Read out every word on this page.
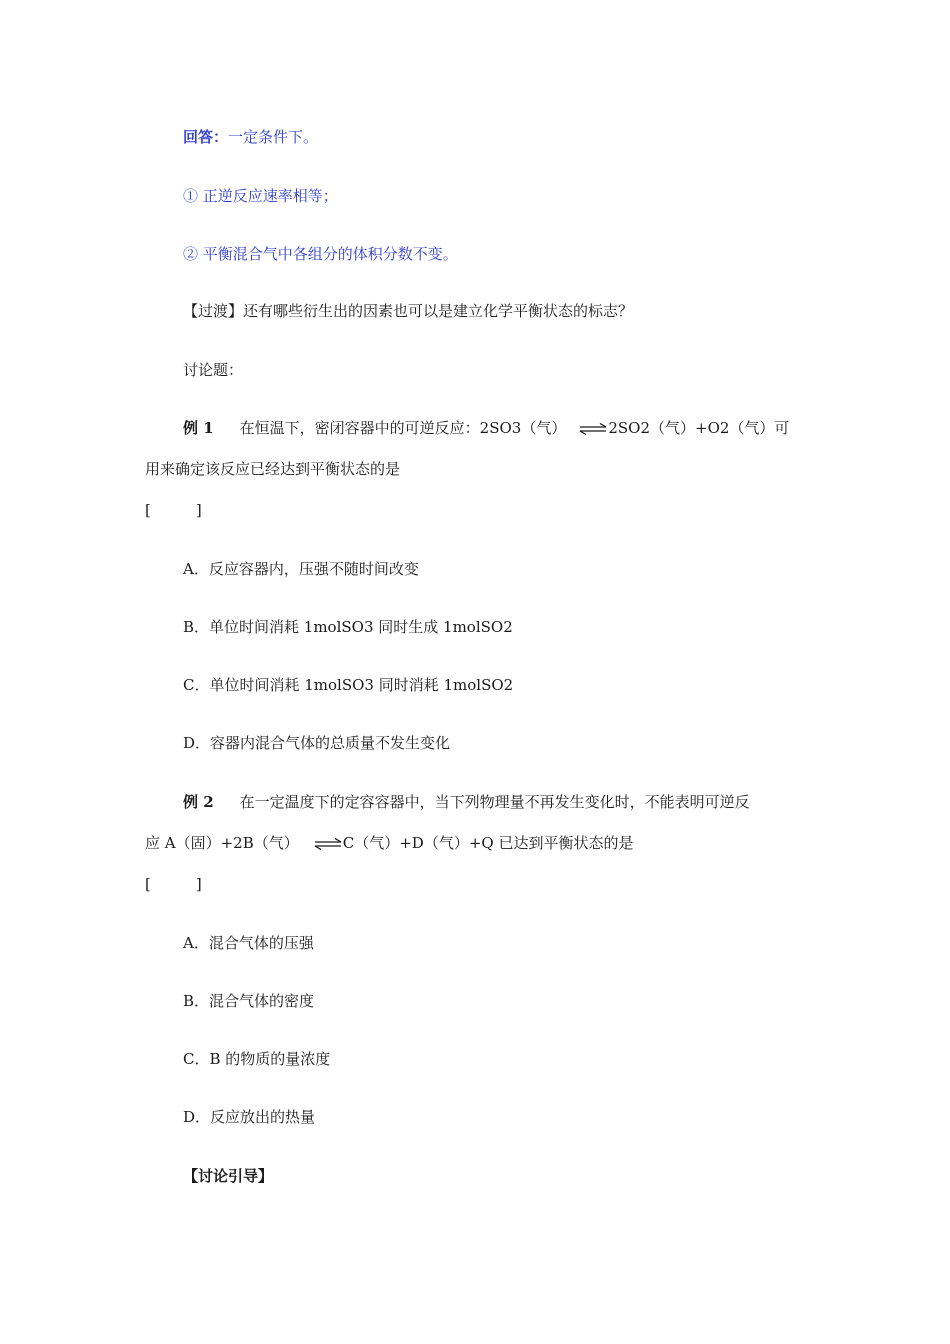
回答：一定条件下。
① 正逆反应速率相等；
② 平衡混合气中各组分的体积分数不变。
【过渡】还有哪些衍生出的因素也可以是建立化学平衡状态的标志？
讨论题：
例 1 在恒温下，密闭容器中的可逆反应：2SO3（气） ⇌2SO2（气）+O2（气）可
用来确定该反应已经达到平衡状态的是
[　　　]
A．反应容器内，压强不随时间改变
B．单位时间消耗 1molSO3 同时生成 1molSO2
C．单位时间消耗 1molSO3 同时消耗 1molSO2
D．容器内混合气体的总质量不发生变化
例 2 在一定温度下的定容容器中，当下列物理量不再发生变化时，不能表明可逆反
应 A（固）+2B（气） ⇌C（气）+D（气）+Q 已达到平衡状态的是
[　　　]
A．混合气体的压强
B．混合气体的密度
C．B 的物质的量浓度
D．反应放出的热量
【讨论引导】
